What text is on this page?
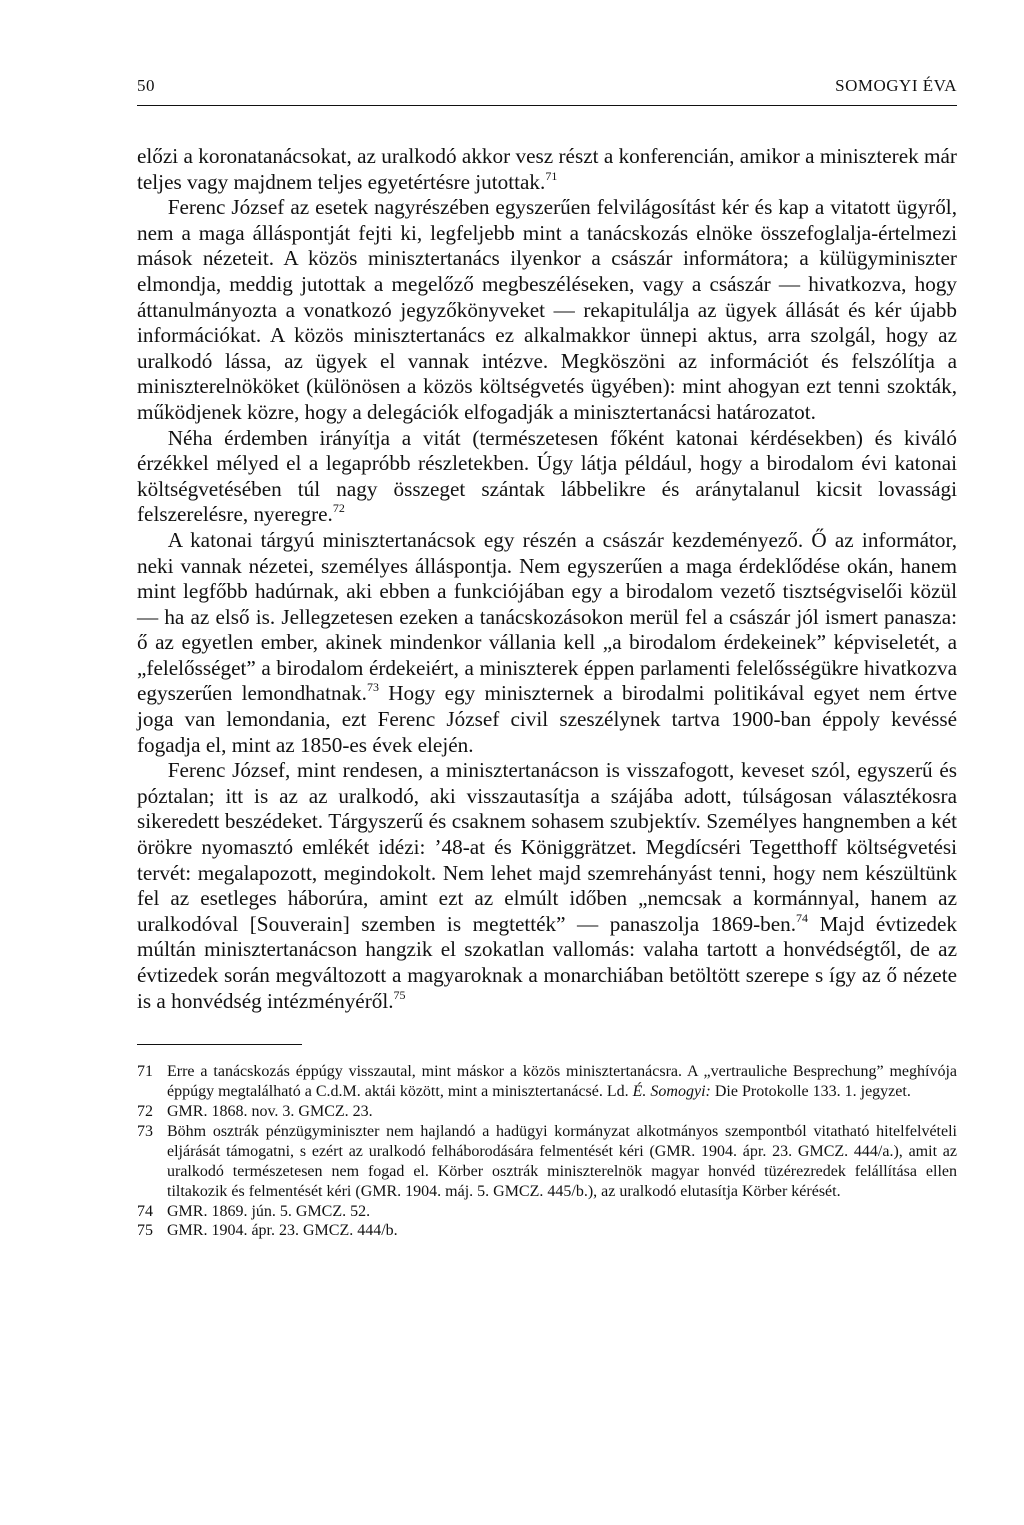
50	SOMOGYI ÉVA

előzi a koronatanácsokat, az uralkodó akkor vesz részt a konferencián, amikor a miniszterek már teljes vagy majdnem teljes egyetértésre jutottak.$^{71}$

Ferenc József az esetek nagyrészében egyszerűen felvilágosítást kér és kap a vitatott ügyről, nem a maga álláspontját fejti ki, legfeljebb mint a tanácskozás elnöke összefoglalja-értelmezi mások nézeteit. A közös minisztertanács ilyenkor a császár informátora; a külügyminiszter elmondja, meddig jutottak a megelőző megbeszéléseken, vagy a császár — hivatkozva, hogy áttanulmányozta a vonatkozó jegyzőkönyveket — rekapitulálja az ügyek állását és kér újabb információkat. A közös minisztertanács ez alkalmakkor ünnepi aktus, arra szolgál, hogy az uralkodó lássa, az ügyek el vannak intézve. Megköszöni az információt és felszólítja a miniszterelnököket (különösen a közös költségvetés ügyében): mint ahogyan ezt tenni szokták, működjenek közre, hogy a delegációk elfogadják a minisztertanácsi határozatot.

Néha érdemben irányítja a vitát (természetesen főként katonai kérdésekben) és kiváló érzékkel mélyed el a legapróbb részletekben. Úgy látja például, hogy a birodalom évi katonai költségvetésében túl nagy összeget szántak lábbelikre és aránytalanul kicsit lovassági felszerelésre, nyeregre.$^{72}$

A katonai tárgyú minisztertanácsok egy részén a császár kezdeményező. Ő az informátor, neki vannak nézetei, személyes álláspontja. Nem egyszerűen a maga érdeklődése okán, hanem mint legfőbb hadúrnak, aki ebben a funkciójában egy a birodalom vezető tisztségviselői közül — ha az első is. Jellegzetesen ezeken a tanácskozásokon merül fel a császár jól ismert panasza: ő az egyetlen ember, akinek mindenkor vállania kell „a birodalom érdekeinek” képviseletét, a „felelősséget” a birodalom érdekeiért, a miniszterek éppen parlamenti felelősségükre hivatkozva egyszerűen lemondhatnak.$^{73}$ Hogy egy miniszternek a birodalmi politikával egyet nem értve joga van lemondania, ezt Ferenc József civil szeszélynek tartva 1900-ban éppoly kevéssé fogadja el, mint az 1850-es évek elején.

Ferenc József, mint rendesen, a minisztertanácson is visszafogott, keveset szól, egyszerű és póztalan; itt is az az uralkodó, aki visszautasítja a szájába adott, túlságosan választékosra sikeredett beszédeket. Tárgyszerű és csaknem sohasem szubjektív. Személyes hangnemben a két örökre nyomasztó emlékét idézi: ’48-at és Königgrätzet. Megdícséri Tegetthoff költségvetési tervét: megalapozott, megindokolt. Nem lehet majd szemrehányást tenni, hogy nem készültünk fel az esetleges háborúra, amint ezt az elmúlt időben „nemcsak a kormánnyal, hanem az uralkodóval [Souverain] szemben is megtették” — panaszolja 1869-ben.$^{74}$ Majd évtizedek múltán minisztertanácson hangzik el szokatlan vallomás: valaha tartott a honvédségtől, de az évtizedek során megváltozott a magyaroknak a monarchiában betöltött szerepe s így az ő nézete is a honvédség intézményéről.$^{75}$

71 Erre a tanácskozás éppúgy visszautal, mint máskor a közös minisztertanácsra. A „vertrauliche Besprechung” meghívója éppúgy megtalálható a C.d.M. aktái között, mint a minisztertanácsé. Ld. É. Somogyi: Die Protokolle 133. 1. jegyzet.
72 GMR. 1868. nov. 3. GMCZ. 23.
73 Böhm osztrák pénzügyminiszter nem hajlandó a hadügyi kormányzat alkotmányos szempontból vitatható hitelfelvételi eljárását támogatni, s ezért az uralkodó felháborodására felmentését kéri (GMR. 1904. ápr. 23. GMCZ. 444/a.), amit az uralkodó természetesen nem fogad el. Körber osztrák miniszterelnök magyar honvéd tüzérezredek felállítása ellen tiltakozik és felmentését kéri (GMR. 1904. máj. 5. GMCZ. 445/b.), az uralkodó elutasítja Körber kérését.
74 GMR. 1869. jún. 5. GMCZ. 52.
75 GMR. 1904. ápr. 23. GMCZ. 444/b.
